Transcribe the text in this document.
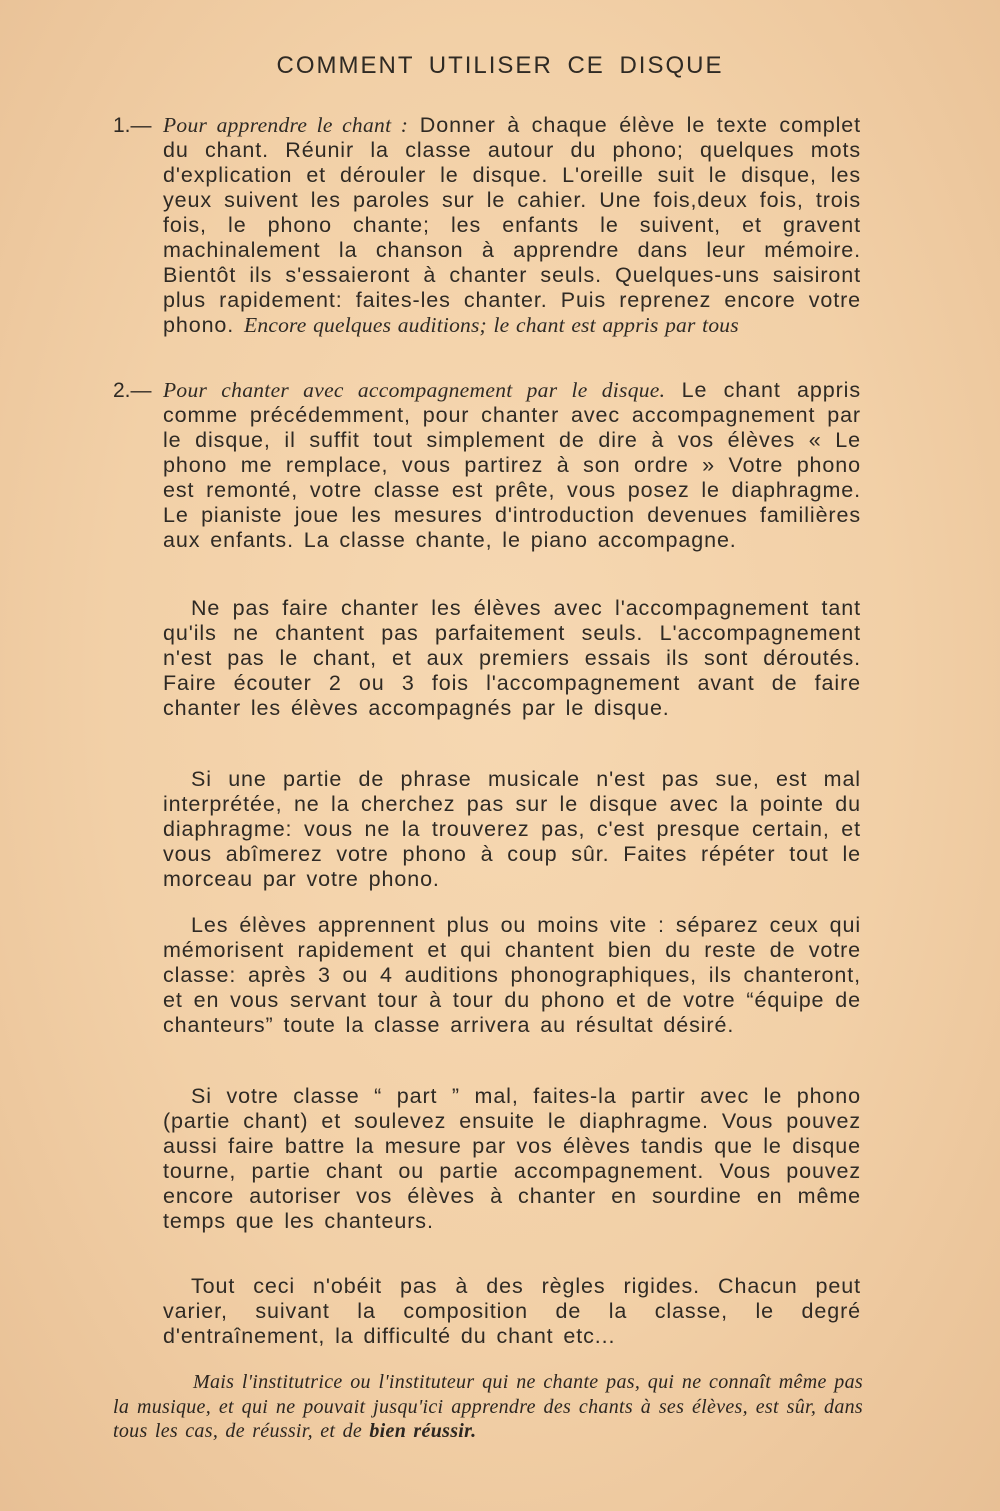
COMMENT UTILISER CE DISQUE
1.— Pour apprendre le chant : Donner à chaque élève le texte complet du chant. Réunir la classe autour du phono; quelques mots d'explication et dérouler le disque. L'oreille suit le disque, les yeux suivent les paroles sur le cahier. Une fois,deux fois, trois fois, le phono chante; les enfants le suivent, et gravent machinalement la chanson à apprendre dans leur mémoire. Bientôt ils s'essaieront à chanter seuls. Quelques-uns saisiront plus rapidement: faites-les chanter. Puis reprenez encore votre phono. Encore quelques auditions; le chant est appris par tous
2.— Pour chanter avec accompagnement par le disque. Le chant appris comme précédemment, pour chanter avec accompagnement par le disque, il suffit tout simplement de dire à vos élèves « Le phono me remplace, vous partirez à son ordre » Votre phono est remonté, votre classe est prête, vous posez le diaphragme. Le pianiste joue les mesures d'introduction devenues familières aux enfants. La classe chante, le piano accompagne.
Ne pas faire chanter les élèves avec l'accompagnement tant qu'ils ne chantent pas parfaitement seuls. L'accompagnement n'est pas le chant, et aux premiers essais ils sont déroutés. Faire écouter 2 ou 3 fois l'accompagnement avant de faire chanter les élèves accompagnés par le disque.
Si une partie de phrase musicale n'est pas sue, est mal interprétée, ne la cherchez pas sur le disque avec la pointe du diaphragme: vous ne la trouverez pas, c'est presque certain, et vous abîmerez votre phono à coup sûr. Faites répéter tout le morceau par votre phono.
Les élèves apprennent plus ou moins vite : séparez ceux qui mémorisent rapidement et qui chantent bien du reste de votre classe: après 3 ou 4 auditions phonographiques, ils chanteront, et en vous servant tour à tour du phono et de votre “équipe de chanteurs” toute la classe arrivera au résultat désiré.
Si votre classe “ part ” mal, faites-la partir avec le phono (partie chant) et soulevez ensuite le diaphragme. Vous pouvez aussi faire battre la mesure par vos élèves tandis que le disque tourne, partie chant ou partie accompagnement. Vous pouvez encore autoriser vos élèves à chanter en sourdine en même temps que les chanteurs.
Tout ceci n'obéit pas à des règles rigides. Chacun peut varier, suivant la composition de la classe, le degré d'entraînement, la difficulté du chant etc...
Mais l'institutrice ou l'instituteur qui ne chante pas, qui ne connaît même pas la musique, et qui ne pouvait jusqu'ici apprendre des chants à ses élèves, est sûr, dans tous les cas, de réussir, et de bien réussir.
